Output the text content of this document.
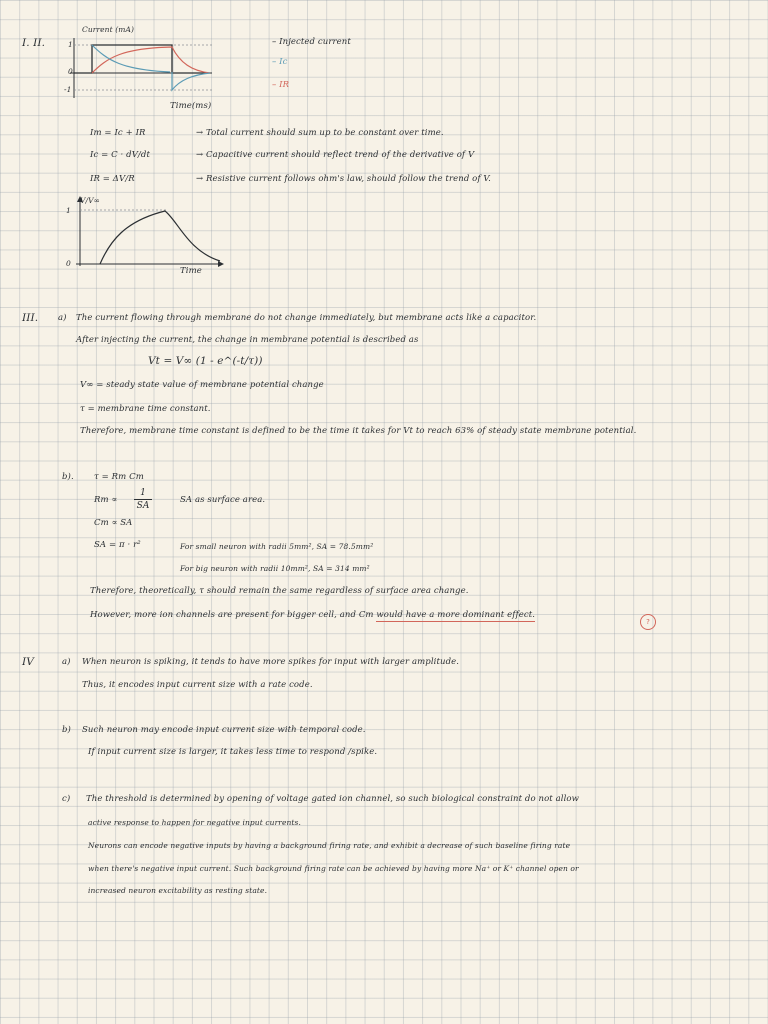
I. II.
Current (mA)
1
0
-1
Time(ms)
– Injected current
– Ic
– IR
Im = Ic + IR
Ic = C · dV/dt
IR = ΔV/R
→ Total current should sum up to be constant over time.
→ Capacitive current should reflect trend of the derivative of V
→ Resistive current follows ohm's law, should follow the trend of V.
V/V∞
1
0
Time
III. a) The current flowing through membrane do not change immediately, but membrane acts like a capacitor.
After injecting the current, the change in membrane potential is described as
Vt = V∞ (1 - e^(-t/τ))
V∞ = steady state value of membrane potential change
τ = membrane time constant.
Therefore, membrane time constant is defined to be the time it takes for Vt to reach 63% of steady state membrane potential.
b). τ = Rm Cm
Rm ∝
1
SA
SA as surface area.
Cm ∝ SA
SA = π · r²	For small neuron with radii 5mm², SA = 78.5mm²
For big neuron with radii 10mm², SA = 314 mm²
Therefore, theoretically, τ should remain the same regardless of surface area change.
However, more ion channels are present for bigger cell, and Cm would have a more dominant effect.
?
IV	a) When neuron is spiking, it tends to have more spikes for input with larger amplitude.
Thus, it encodes input current size with a rate code.
b) Such neuron may encode input current size with temporal code.
If input current size is larger, it takes less time to respond /spike.
c) The threshold is determined by opening of voltage gated ion channel, so such biological constraint do not allow
active response to happen for negative input currents.
Neurons can encode negative inputs by having a background firing rate, and exhibit a decrease of such baseline firing rate
when there's negative input current. Such background firing rate can be achieved by having more Na⁺ or K⁺ channel open or
increased neuron excitability as resting state.
